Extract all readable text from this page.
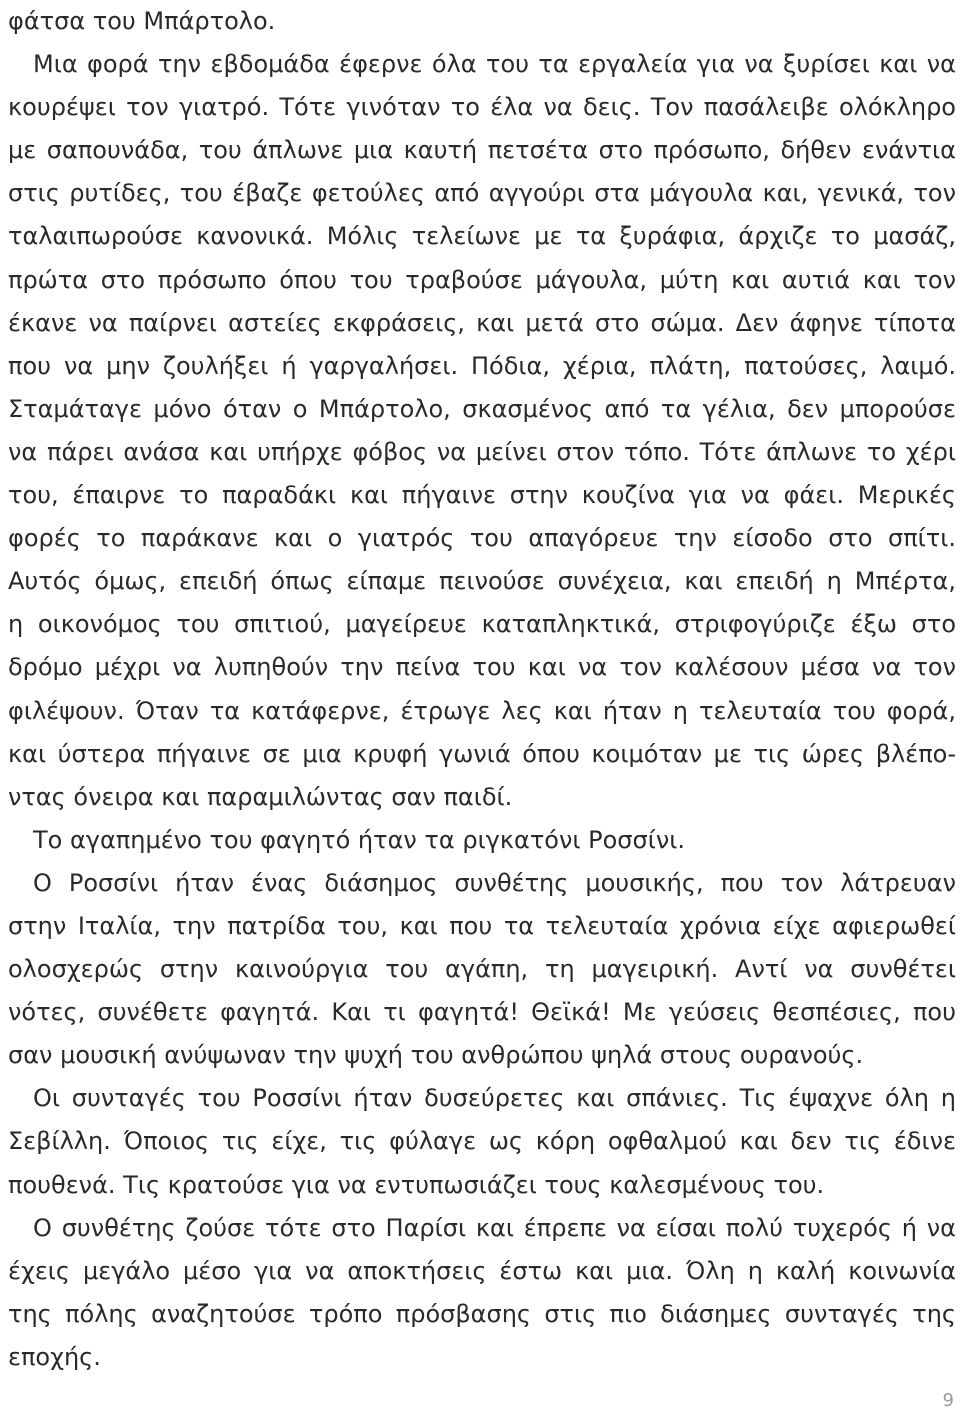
φάτσα του Μπάρτολο.
Μια φορά την εβδομάδα έφερνε όλα του τα εργαλεία για να ξυρίσει και να
κουρέψει τον γιατρό. Τότε γινόταν το έλα να δεις. Τον πασάλειβε ολόκληρο
με σαπουνάδα, του άπλωνε μια καυτή πετσέτα στο πρόσωπο, δήθεν ενάντια
στις ρυτίδες, του έβαζε φετούλες από αγγούρι στα μάγουλα και, γενικά, τον
ταλαιπωρούσε κανονικά. Μόλις τελείωνε με τα ξυράφια, άρχιζε το μασάζ,
πρώτα στο πρόσωπο όπου του τραβούσε μάγουλα, μύτη και αυτιά και τον
έκανε να παίρνει αστείες εκφράσεις, και μετά στο σώμα. Δεν άφηνε τίποτα
που να μην ζουλήξει ή γαργαλήσει. Πόδια, χέρια, πλάτη, πατούσες, λαιμό.
Σταμάταγε μόνο όταν ο Μπάρτολο, σκασμένος από τα γέλια, δεν μπορούσε
να πάρει ανάσα και υπήρχε φόβος να μείνει στον τόπο. Τότε άπλωνε το χέρι
του, έπαιρνε το παραδάκι και πήγαινε στην κουζίνα για να φάει. Μερικές
φορές το παράκανε και ο γιατρός του απαγόρευε την είσοδο στο σπίτι.
Αυτός όμως, επειδή όπως είπαμε πεινούσε συνέχεια, και επειδή η Μπέρτα,
η οικονόμος του σπιτιού, μαγείρευε καταπληκτικά, στριφογύριζε έξω στο
δρόμο μέχρι να λυπηθούν την πείνα του και να τον καλέσουν μέσα να τον
φιλέψουν. Όταν τα κατάφερνε, έτρωγε λες και ήταν η τελευταία του φορά,
και ύστερα πήγαινε σε μια κρυφή γωνιά όπου κοιμόταν με τις ώρες βλέπο-
ντας όνειρα και παραμιλώντας σαν παιδί.
Το αγαπημένο του φαγητό ήταν τα ριγκατόνι Ροσσίνι.
Ο Ροσσίνι ήταν ένας διάσημος συνθέτης μουσικής, που τον λάτρευαν
στην Ιταλία, την πατρίδα του, και που τα τελευταία χρόνια είχε αφιερωθεί
ολοσχερώς στην καινούργια του αγάπη, τη μαγειρική. Αντί να συνθέτει
νότες, συνέθετε φαγητά. Και τι φαγητά! Θεϊκά! Με γεύσεις θεσπέσιες, που
σαν μουσική ανύψωναν την ψυχή του ανθρώπου ψηλά στους ουρανούς.
Οι συνταγές του Ροσσίνι ήταν δυσεύρετες και σπάνιες. Τις έψαχνε όλη η
Σεβίλλη. Όποιος τις είχε, τις φύλαγε ως κόρη οφθαλμού και δεν τις έδινε
πουθενά. Τις κρατούσε για να εντυπωσιάζει τους καλεσμένους του.
Ο συνθέτης ζούσε τότε στο Παρίσι και έπρεπε να είσαι πολύ τυχερός ή να
έχεις μεγάλο μέσο για να αποκτήσεις έστω και μια. Όλη η καλή κοινωνία
της πόλης αναζητούσε τρόπο πρόσβασης στις πιο διάσημες συνταγές της
εποχής.
9
